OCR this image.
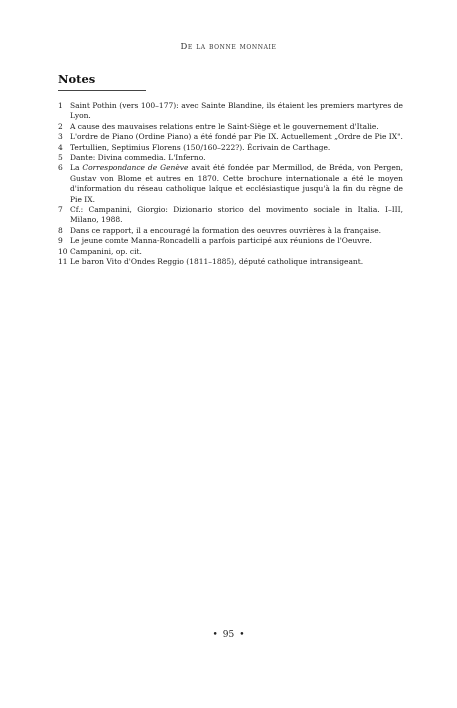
De la bonne monnaie
Notes
1 Saint Pothin (vers 100–177): avec Sainte Blandine, ils étaient les premiers martyres de Lyon.
2 A cause des mauvaises relations entre le Saint-Siège et le gouvernement d'Italie.
3 L'ordre de Piano (Ordine Piano) a été fondé par Pie IX. Actuellement „Ordre de Pie IX".
4 Tertullien, Septimius Florens (150/160–222?). Écrivain de Carthage.
5 Dante: Divina commedia. L'Inferno.
6 La Correspondance de Genève avait été fondée par Mermillod, de Bréda, von Pergen, Gustav von Blome et autres en 1870. Cette brochure internationale a été le moyen d'information du réseau catholique laïque et ecclésiastique jusqu'à la fin du règne de Pie IX.
7 Cf.: Campanini, Giorgio: Dizionario storico del movimento sociale in Italia. I–III, Milano, 1988.
8 Dans ce rapport, il a encouragé la formation des oeuvres ouvrières à la française.
9 Le jeune comte Manna-Roncadelli a parfois participé aux réunions de l'Oeuvre.
10 Campanini, op. cit.
11 Le baron Vito d'Ondes Reggio (1811–1885), député catholique intransigeant.
• 95 •
